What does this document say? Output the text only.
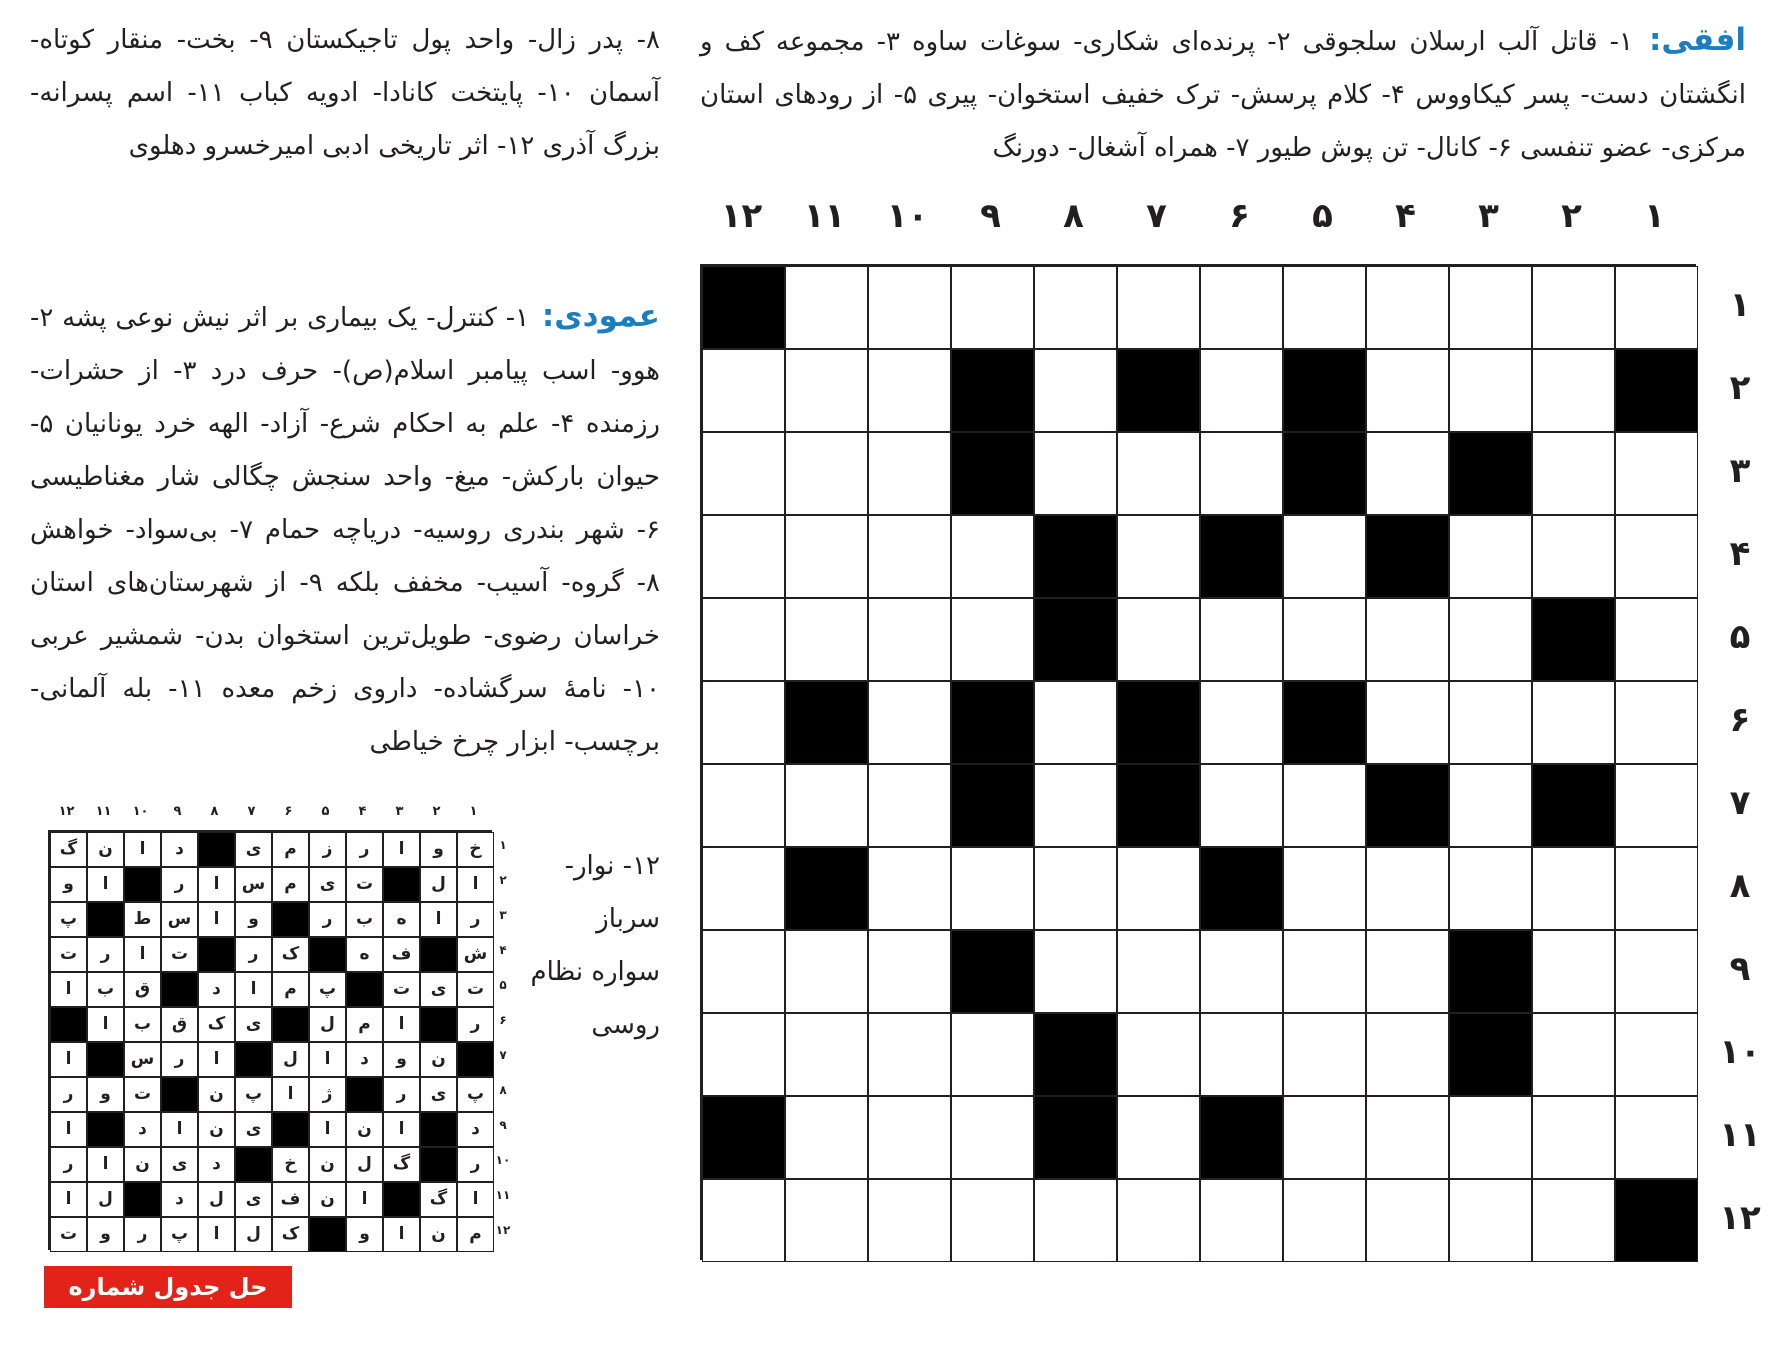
افقی: ۱- قاتل آلب ارسلان سلجوقی ۲- پرنده‌ای شکاری- سوغات ساوه ۳- مجموعه کف و انگشتان دست- پسر کیکاووس ۴- کلام پرسش- ترک خفیف استخوان- پیری ۵- از رودهای استان مرکزی- عضو تنفسی ۶- کانال- تن پوش طیور ۷- همراه آشغال- دورنگ
۸- پدر زال- واحد پول تاجیکستان ۹- بخت- منقار کوتاه- آسمان ۱۰- پایتخت کانادا- ادویه کباب ۱۱- اسم پسرانه- بزرگ آذری ۱۲- اثر تاریخی ادبی امیرخسرو دهلوی
عمودی: ۱- کنترل- یک بیماری بر اثر نیش نوعی پشه ۲- هوو- اسب پیامبر اسلام(ص)- حرف درد ۳- از حشرات- رزمنده ۴- علم به احکام شرع- آزاد- الهه خرد یونانیان ۵- حیوان بارکش- میغ- واحد سنجش چگالی شار مغناطیسی ۶- شهر بندری روسیه- دریاچه حمام ۷- بی‌سواد- خواهش ۸- گروه- آسیب- مخفف بلکه ۹- از شهرستان‌های استان خراسان رضوی- طویل‌ترین استخوان بدن- شمشیر عربی ۱۰- نامهٔ سرگشاده- داروی زخم معده ۱۱- بله آلمانی- برچسب- ابزار چرخ خیاطی
۱۲- نوار- سرباز سواره نظام روسی
۱
۲
۳
۴
۵
۶
۷
۸
۹
۱۰
۱۱
۱۲
۱
۲
۳
۴
۵
۶
۷
۸
۹
۱۰
۱۱
۱۲
۱
۲
۳
۴
۵
۶
۷
۸
۹
۱۰
۱۱
۱۲
۱
۲
۳
۴
۵
۶
۷
۸
۹
۱۰
۱۱
۱۲
خ
و
ا
ر
ز
م
ی
د
ا
ن
گ
ا
ل
ت
ی
م
س
ا
ر
ا
و
ر
ا
ه
ب
ر
و
ا
س
ط
پ
ش
ف
ه
ک
ر
ت
ا
ر
ت
ت
ی
ت
پ
م
ا
د
ق
ب
ا
ر
ا
م
ل
ی
ک
ق
ب
ا
ن
و
د
ا
ل
ا
ر
س
ا
پ
ی
ر
ژ
ا
پ
ن
ت
و
ر
د
ا
ن
ا
ی
ن
ا
د
ا
ر
گ
ل
ن
خ
د
ی
ن
ا
ر
ا
گ
ا
ن
ف
ی
ل
د
ل
ا
م
ن
ا
و
ک
ل
ا
پ
ر
و
ت
حل جدول شماره ۱۸۳۳
